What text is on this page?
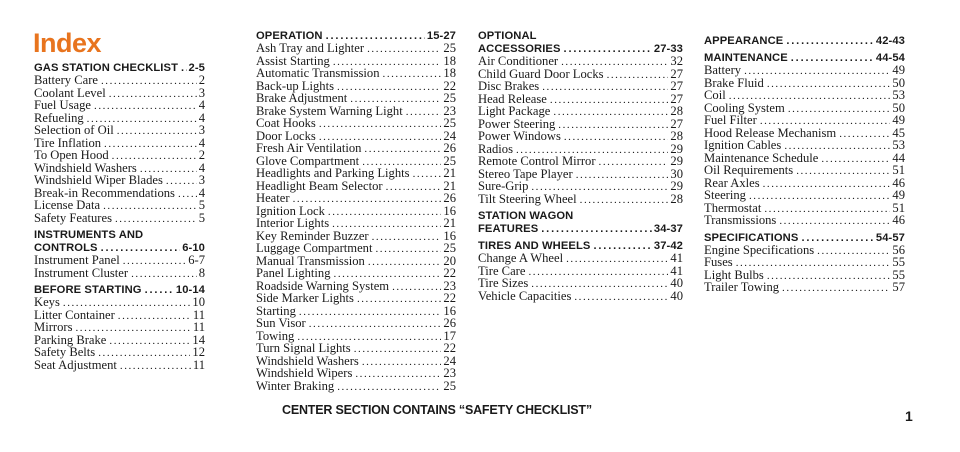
Index
GAS STATION CHECKLIST . . . 2-5
Battery Care . . .	2
Coolant Level . . .	3
Fuel Usage . . .	4
Refueling . . .	4
Selection of Oil . . .	3
Tire Inflation . . .	4
To Open Hood . . .	2
Windshield Washers . . .	4
Windshield Wiper Blades . . .	3
Break-in Recommendations . . . 4
License Data . . .	5
Safety Features . . .	5
INSTRUMENTS AND
CONTROLS . . .	6-10
Instrument Panel . . .	6-7
Instrument Cluster . . .	8
BEFORE STARTING . . .	10-14
Keys . . .	10
Litter Container . . .	11
Mirrors . . .	11
Parking Brake . . .	14
Safety Belts . . .	12
Seat Adjustment . . .	11
OPERATION . . .	15-27
Ash Tray and Lighter . . .	25
Assist Starting . . .	18
Automatic Transmission . . .	18
Back-up Lights . . .	22
Brake Adjustment . . .	25
Brake System Warning Light . . .	23
Coat Hooks . . .	25
Door Locks . . .	24
Fresh Air Ventilation . . .	26
Glove Compartment . . .	25
Headlights and Parking Lights . . .	21
Headlight Beam Selector . . .	21
Heater . . .	26
Ignition Lock . . .	16
Interior Lights . . .	21
Key Reminder Buzzer . . .	16
Luggage Compartment . . .	25
Manual Transmission . . .	20
Panel Lighting . . .	22
Roadside Warning System . . .	23
Side Marker Lights . . .	22
Starting . . .	16
Sun Visor . . .	26
Towing . . .	17
Turn Signal Lights . . .	22
Windshield Washers . . .	24
Windshield Wipers . . .	23
Winter Braking . . .	25
OPTIONAL
ACCESSORIES . . .	27-33
Air Conditioner . . .	32
Child Guard Door Locks . . .	27
Disc Brakes . . .	27
Head Release . . .	27
Light Package . . .	28
Power Steering . . .	27
Power Windows . . .	28
Radios . . .	29
Remote Control Mirror . . .	29
Stereo Tape Player . . .	30
Sure-Grip . . .	29
Tilt Steering Wheel . . .	28
STATION WAGON
FEATURES . . .	34-37
TIRES AND WHEELS . . .	37-42
Change A Wheel . . .	41
Tire Care . . .	41
Tire Sizes . . .	40
Vehicle Capacities . . .	40
APPEARANCE . . .	42-43
MAINTENANCE . . .	44-54
Battery . . .	49
Brake Fluid . . .	50
Coil . . .	53
Cooling System . . .	50
Fuel Filter . . .	49
Hood Release Mechanism . . .	45
Ignition Cables . . .	53
Maintenance Schedule . . .	44
Oil Requirements . . .	51
Rear Axles . . .	46
Steering . . .	49
Thermostat . . .	51
Transmissions . . .	46
SPECIFICATIONS . . .	54-57
Engine Specifications . . .	56
Fuses . . .	55
Light Bulbs . . .	55
Trailer Towing . . .	57
CENTER SECTION CONTAINS “SAFETY CHECKLIST”	1
